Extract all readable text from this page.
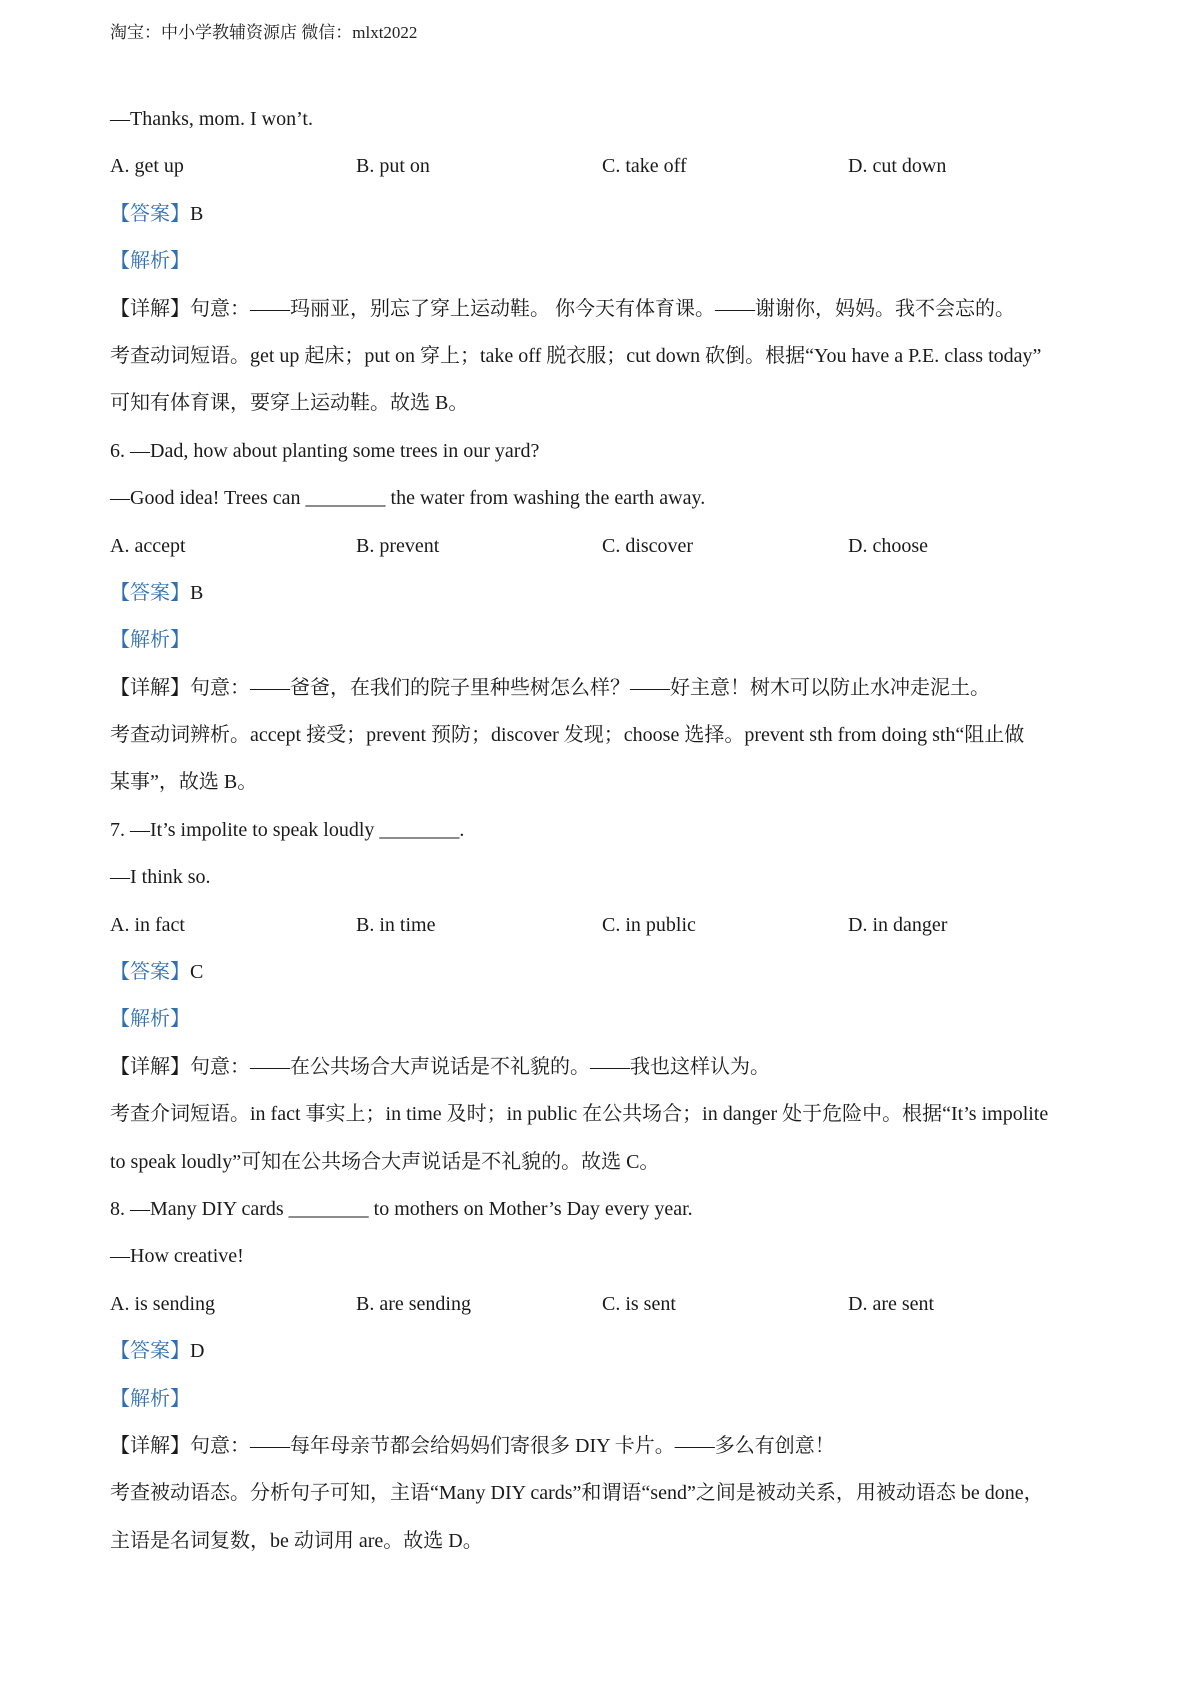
淘宝：中小学教辅资源店 微信：mlxt2022
—Thanks, mom. I won’t.
A. get up	B. put on	C. take off	D. cut down
【答案】B
【解析】
【详解】句意：——玛丽亚，别忘了穿上运动鞋。 你今天有体育课。——谢谢你，妈妈。我不会忘的。
考查动词短语。get up 起床；put on 穿上；take off 脱衣服；cut down 砍倒。根据“You have a P.E. class today”
可知有体育课，要穿上运动鞋。故选 B。
6. —Dad, how about planting some trees in our yard?
—Good idea! Trees can ________ the water from washing the earth away.
A. accept	B. prevent	C. discover	D. choose
【答案】B
【解析】
【详解】句意：——爸爸，在我们的院子里种些树怎么样？——好主意！树木可以防止水冲走泥土。
考查动词辨析。accept 接受；prevent 预防；discover 发现；choose 选择。prevent sth from doing sth“阻止做
某事”，故选 B。
7. —It’s impolite to speak loudly ________.
—I think so.
A. in fact	B. in time	C. in public	D. in danger
【答案】C
【解析】
【详解】句意：——在公共场合大声说话是不礼貌的。——我也这样认为。
考查介词短语。in fact 事实上；in time 及时；in public 在公共场合；in danger 处于危险中。根据“It’s impolite
to speak loudly”可知在公共场合大声说话是不礼貌的。故选 C。
8. —Many DIY cards ________ to mothers on Mother’s Day every year.
—How creative!
A. is sending	B. are sending	C. is sent	D. are sent
【答案】D
【解析】
【详解】句意：——每年母亲节都会给妈妈们寄很多 DIY 卡片。——多么有创意！
考查被动语态。分析句子可知，主语“Many DIY cards”和谓语“send”之间是被动关系，用被动语态 be done，
主语是名词复数，be 动词用 are。故选 D。
